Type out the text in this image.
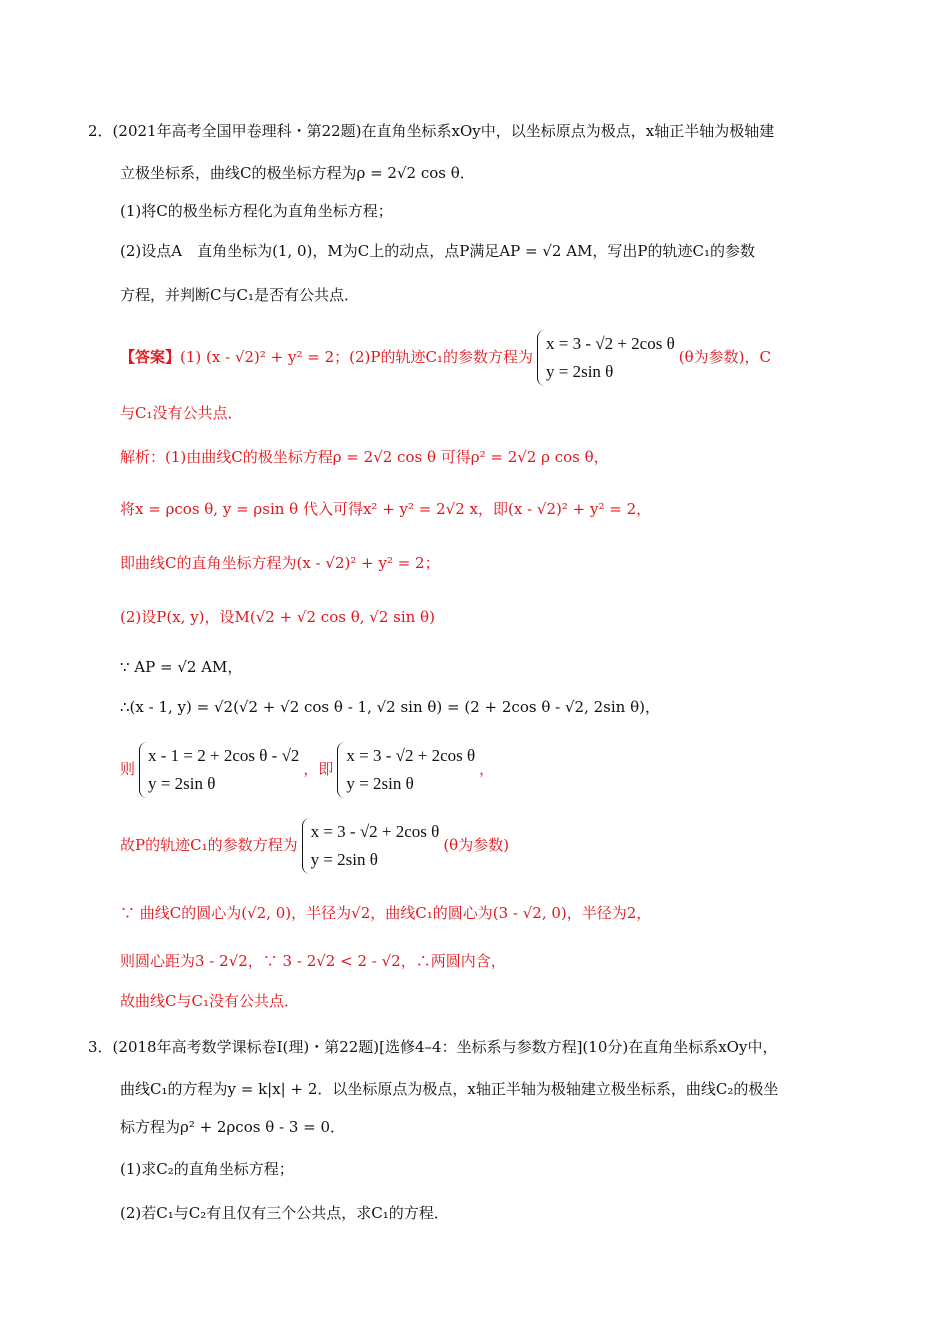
2．(2021年高考全国甲卷理科・第22题)在直角坐标系xOy中，以坐标原点为极点，x轴正半轴为极轴建
立极坐标系，曲线C的极坐标方程为ρ = 2√2 cos θ．
(1)将C的极坐标方程化为直角坐标方程；
(2)设点A　直角坐标为(1, 0)，M为C上的动点，点P满足AP = √2 AM，写出P的轨迹C₁的参数
方程，并判断C与C₁是否有公共点．
【答案】(1) (x - √2)² + y² = 2；(2)P的轨迹C₁的参数方程为
x = 3 - √2 + 2cos θ
y = 2sin θ
(θ为参数)，C
与C₁没有公共点．
解析：(1)由曲线C的极坐标方程ρ = 2√2 cos θ 可得ρ² = 2√2 ρ cos θ，
将x = ρcos θ, y = ρsin θ 代入可得x² + y² = 2√2 x，即(x - √2)² + y² = 2，
即曲线C的直角坐标方程为(x - √2)² + y² = 2；
(2)设P(x, y)，设M(√2 + √2 cos θ, √2 sin θ)
∵ AP = √2 AM，
∴(x - 1, y) = √2(√2 + √2 cos θ - 1, √2 sin θ) = (2 + 2cos θ - √2, 2sin θ)，
则
x - 1 = 2 + 2cos θ - √2
y = 2sin θ
，即
x = 3 - √2 + 2cos θ
y = 2sin θ
，
故P的轨迹C₁的参数方程为
x = 3 - √2 + 2cos θ
y = 2sin θ
(θ为参数)
∵ 曲线C的圆心为(√2, 0)，半径为√2，曲线C₁的圆心为(3 - √2, 0)，半径为2，
则圆心距为3 - 2√2，∵ 3 - 2√2 < 2 - √2，∴两圆内含，
故曲线C与C₁没有公共点．
3．(2018年高考数学课标卷Ⅰ(理)・第22题)[选修4–4：坐标系与参数方程](10分)在直角坐标系xOy中，
曲线C₁的方程为y = k|x| + 2．以坐标原点为极点，x轴正半轴为极轴建立极坐标系，曲线C₂的极坐
标方程为ρ² + 2ρcos θ - 3 = 0．
(1)求C₂的直角坐标方程；
(2)若C₁与C₂有且仅有三个公共点，求C₁的方程．
